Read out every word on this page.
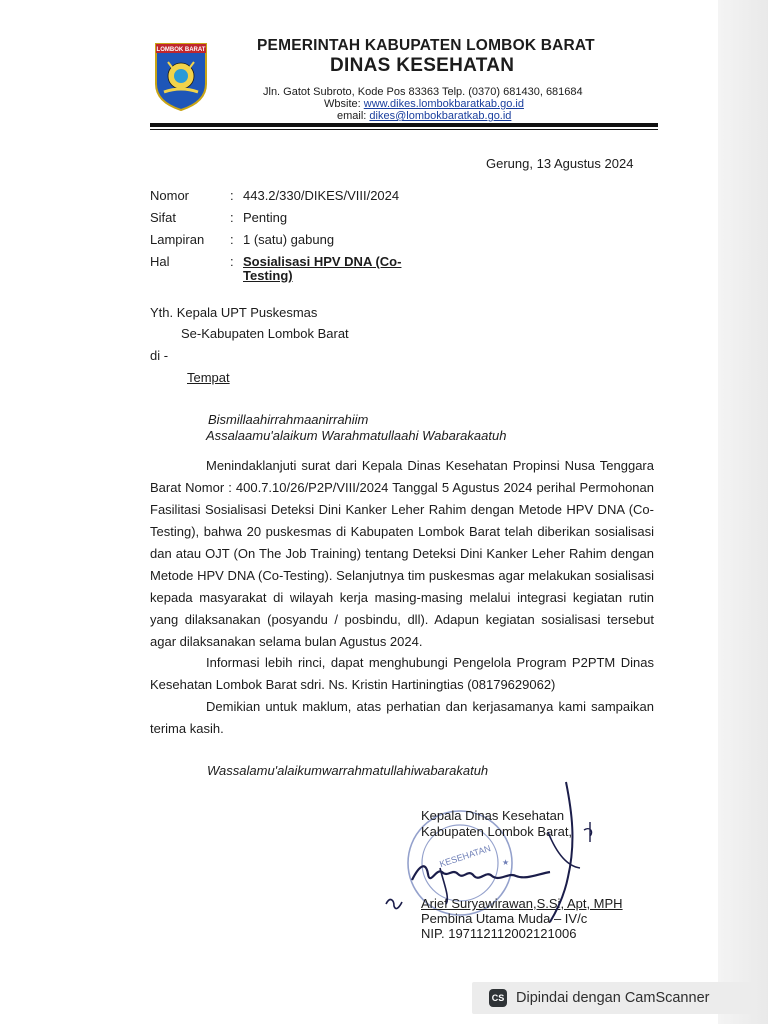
LOMBOK BARAT	PEMERINTAH KABUPATEN LOMBOK BARAT
DINAS KESEHATAN
Jln. Gatot Subroto, Kode Pos 83363 Telp. (0370) 681430, 681684
Wbsite: www.dikes.lombokbaratkab.go.id
email: dikes@lombokbaratkab.go.id
Gerung, 13 Agustus 2024
Nomor	: 443.2/330/DIKES/VIII/2024
Sifat	: Penting
Lampiran : 1 (satu) gabung
Hal	: Sosialisasi HPV DNA (Co-
Testing)
Yth. Kepala UPT Puskesmas
Se-Kabupaten Lombok Barat
di -
Tempat
Bismillaahirrahmaanirrahiim
Assalaamu'alaikum Warahmatullaahi Wabarakaatuh
Menindaklanjuti surat dari Kepala Dinas Kesehatan Propinsi Nusa Tenggara Barat Nomor : 400.7.10/26/P2P/VIII/2024 Tanggal 5 Agustus 2024 perihal Permohonan Fasilitasi Sosialisasi Deteksi Dini Kanker Leher Rahim dengan Metode HPV DNA (Co-Testing), bahwa 20 puskesmas di Kabupaten Lombok Barat telah diberikan sosialisasi dan atau OJT (On The Job Training) tentang Deteksi Dini Kanker Leher Rahim dengan Metode HPV DNA (Co-Testing). Selanjutnya tim puskesmas agar melakukan sosialisasi kepada masyarakat di wilayah kerja masing-masing melalui integrasi kegiatan rutin yang dilaksanakan (posyandu / posbindu, dll). Adapun kegiatan sosialisasi tersebut agar dilaksanakan selama bulan Agustus 2024.
Informasi lebih rinci, dapat menghubungi Pengelola Program P2PTM Dinas Kesehatan Lombok Barat sdri. Ns. Kristin Hartiningtias (08179629062)
Demikian untuk maklum, atas perhatian dan kerjasamanya kami sampaikan terima kasih.
Wassalamu'alaikumwarrahmatullahiwabarakatuh
KESEHATAN ★
Kepala Dinas Kesehatan
Kabupaten Lombok Barat,
Arief Suryawirawan,S.Si, Apt, MPH
Pembina Utama Muda – IV/c
NIP. 197112112002121006
CS Dipindai dengan CamScanner
